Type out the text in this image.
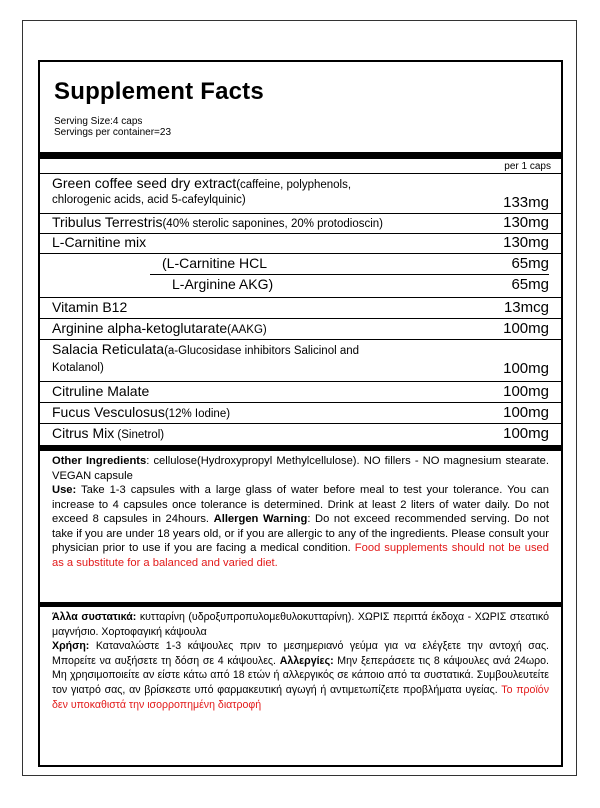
Supplement Facts
Serving Size:4 caps
Servings per container=23
per 1 caps
Green coffee seed dry extract(caffeine, polyphenols,
chlorogenic acids, acid 5-cafeylquinic)	133mg
Tribulus Terrestris(40% sterolic saponines, 20% protodioscin)	130mg
L-Carnitine mix	130mg
(L-Carnitine HCL	65mg
L-Arginine AKG)	65mg
Vitamin B12	13mcg
Arginine alpha-ketoglutarate(AAKG)	100mg
Salacia Reticulata(a-Glucosidase inhibitors Salicinol and
Kotalanol)	100mg
Citruline Malate	100mg
Fucus Vesculosus(12% Iodine)	100mg
Citrus Mix (Sinetrol)	100mg
Other Ingredients: cellulose(Hydroxypropyl Methylcellulose). NO fillers - NO magnesium stearate. VEGAN capsule
Use: Take 1-3 capsules with a large glass of water before meal to test your tolerance. You can increase to 4 capsules once tolerance is determined. Drink at least 2 liters of water daily. Do not exceed 8 capsules in 24hours. Allergen Warning: Do not exceed recommended serving. Do not take if you are under 18 years old, or if you are allergic to any of the ingredients. Please consult your physician prior to use if you are facing a medical condition. Food supplements should not be used as a substitute for a balanced and varied diet.
Άλλα συστατικά: κυτταρίνη (υδροξυπροπυλομεθυλοκυτταρίνη). ΧΩΡΙΣ περιττά έκδοχα - ΧΩΡΙΣ στεατικό μαγνήσιο. Χορτοφαγική κάψουλα
Χρήση: Καταναλώστε 1-3 κάψουλες πριν το μεσημεριανό γεύμα για να ελέγξετε την αντοχή σας. Μπορείτε να αυξήσετε τη δόση σε 4 κάψουλες. Αλλεργίες: Μην ξεπεράσετε τις 8 κάψουλες ανά 24ωρο. Μη χρησιμοποιείτε αν είστε κάτω από 18 ετών ή αλλεργικός σε κάποιο από τα συστατικά. Συμβουλευτείτε τον γιατρό σας, αν βρίσκεστε υπό φαρμακευτική αγωγή ή αντιμετωπίζετε προβλήματα υγείας. Το προϊόν δεν υποκαθιστά την ισορροπημένη διατροφή
